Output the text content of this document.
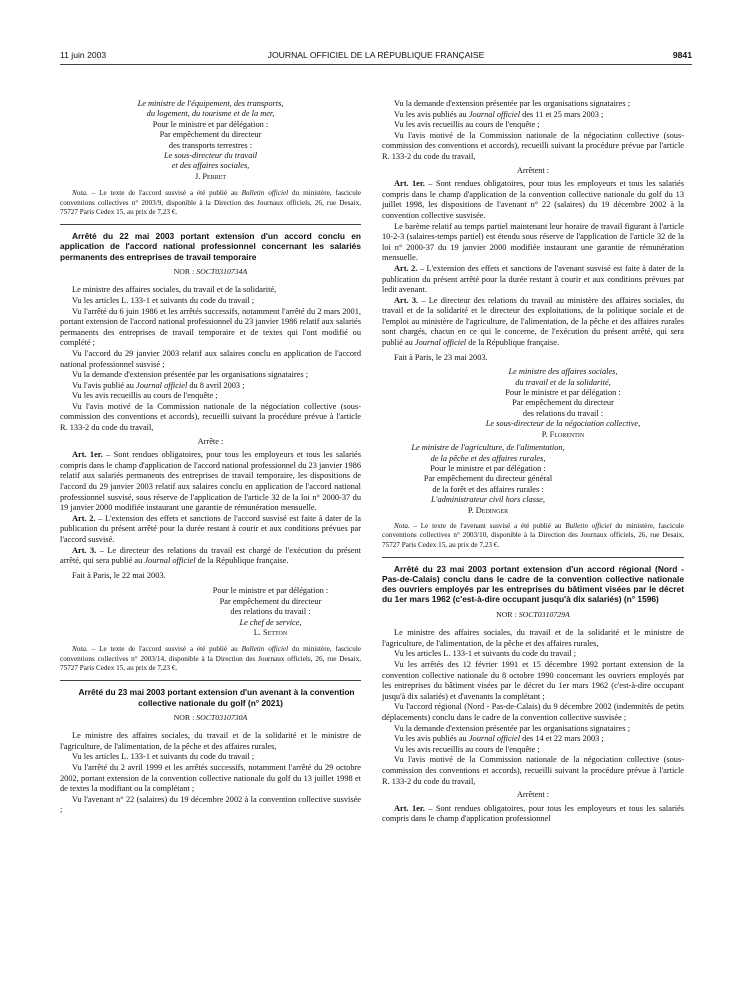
11 juin 2003	JOURNAL OFFICIEL DE LA RÉPUBLIQUE FRANÇAISE	9841
Le ministre de l'équipement, des transports,
du logement, du tourisme et de la mer,
Pour le ministre et par délégation :
Par empêchement du directeur
des transports terrestres :
Le sous-directeur du travail
et des affaires sociales,
J. Perret

Nota. – Le texte de l'accord susvisé a été publié au Bulletin officiel du ministère, fascicule conventions collectives n° 2003/9, disponible à la Direction des Journaux officiels, 26, rue Desaix, 75727 Paris Cedex 15, au prix de 7,23 €.

Arrêté du 22 mai 2003 portant extension d'un accord conclu en application de l'accord national professionnel concernant les salariés permanents des entreprises de travail temporaire

NOR : SOCT0310734A

Le ministre des affaires sociales, du travail et de la solidarité,

Vu les articles L. 133-1 et suivants du code du travail ;

Vu l'arrêté du 6 juin 1986 et les arrêtés successifs, notamment l'arrêté du 2 mars 2001, portant extension de l'accord national professionnel du 23 janvier 1986 relatif aux salariés permanents des entreprises de travail temporaire et de textes qui l'ont modifié ou complété ;

Vu l'accord du 29 janvier 2003 relatif aux salaires conclu en application de l'accord national professionnel susvisé ;

Vu la demande d'extension présentée par les organisations signataires ;

Vu l'avis publié au Journal officiel du 8 avril 2003 ;

Vu les avis recueillis au cours de l'enquête ;

Vu l'avis motivé de la Commission nationale de la négociation collective (sous-commission des conventions et accords), recueilli suivant la procédure prévue à l'article R. 133-2 du code du travail,

Arrête :

Art. 1er. – Sont rendues obligatoires, pour tous les employeurs et tous les salariés compris dans le champ d'application de l'accord national professionnel du 23 janvier 1986 relatif aux salariés permanents des entreprises de travail temporaire, les dispositions de l'accord du 29 janvier 2003 relatif aux salaires conclu en application de l'accord national professionnel susvisé, sous réserve de l'application de l'article 32 de la loi n° 2000-37 du 19 janvier 2000 modifiée instaurant une garantie de rémunération mensuelle.

Art. 2. – L'extension des effets et sanctions de l'accord susvisé est faite à dater de la publication du présent arrêté pour la durée restant à courir et aux conditions prévues par l'accord susvisé.

Art. 3. – Le directeur des relations du travail est chargé de l'exécution du présent arrêté, qui sera publié au Journal officiel de la République française.

Fait à Paris, le 22 mai 2003.

Pour le ministre et par délégation :
Par empêchement du directeur
des relations du travail :
Le chef de service,
L. Setton

Nota. – Le texte de l'accord susvisé a été publié au Bulletin officiel du ministère, fascicule conventions collectives n° 2003/14, disponible à la Direction des Journaux officiels, 26, rue Desaix, 75727 Paris Cedex 15, au prix de 7,23 €.

Arrêté du 23 mai 2003 portant extension d'un avenant à la convention collective nationale du golf (n° 2021)

NOR : SOCT0310730A

Le ministre des affaires sociales, du travail et de la solidarité et le ministre de l'agriculture, de l'alimentation, de la pêche et des affaires rurales,

Vu les articles L. 133-1 et suivants du code du travail ;

Vu l'arrêté du 2 avril 1999 et les arrêtés successifs, notamment l'arrêté du 29 octobre 2002, portant extension de la convention collective nationale du golf du 13 juillet 1998 et de textes la modifiant ou la complétant ;

Vu l'avenant n° 22 (salaires) du 19 décembre 2002 à la convention collective susvisée ;

Vu la demande d'extension présentée par les organisations signataires ;

Vu les avis publiés au Journal officiel des 11 et 25 mars 2003 ;

Vu les avis recueillis au cours de l'enquête ;

Vu l'avis motivé de la Commission nationale de la négociation collective (sous-commission des conventions et accords), recueilli suivant la procédure prévue par l'article R. 133-2 du code du travail,

Arrêtent :

Art. 1er. – Sont rendues obligatoires, pour tous les employeurs et tous les salariés compris dans le champ d'application de la convention collective nationale du golf du 13 juillet 1998, les dispositions de l'avenant n° 22 (salaires) du 19 décembre 2002 à la convention collective susvisée.

Le barème relatif au temps partiel maintenant leur horaire de travail figurant à l'article 10-2-3 (salaires-temps partiel) est étendu sous réserve de l'application de l'article 32 de la loi n° 2000-37 du 19 janvier 2000 modifiée instaurant une garantie de rémunération mensuelle.

Art. 2. – L'extension des effets et sanctions de l'avenant susvisé est faite à dater de la publication du présent arrêté pour la durée restant à courir et aux conditions prévues par ledit avenant.

Art. 3. – Le directeur des relations du travail au ministère des affaires sociales, du travail et de la solidarité et le directeur des exploitations, de la politique sociale et de l'emploi au ministère de l'agriculture, de l'alimentation, de la pêche et des affaires rurales sont chargés, chacun en ce qui le concerne, de l'exécution du présent arrêté, qui sera publié au Journal officiel de la République française.

Fait à Paris, le 23 mai 2003.

Le ministre des affaires sociales,
du travail et de la solidarité,
Pour le ministre et par délégation :
Par empêchement du directeur
des relations du travail :
Le sous-directeur de la négociation collective,
P. Florentin
Le ministre de l'agriculture, de l'alimentation,
de la pêche et des affaires rurales,
Pour le ministre et par délégation :
Par empêchement du directeur général
de la forêt et des affaires rurales :
L'administrateur civil hors classe,
P. Dedinger

Nota. – Le texte de l'avenant susvisé a été publié au Bulletin officiel du ministère, fascicule conventions collectives n° 2003/10, disponible à la Direction des Journaux officiels, 26, rue Desaix, 75727 Paris Cedex 15, au prix de 7,23 €.

Arrêté du 23 mai 2003 portant extension d'un accord régional (Nord - Pas-de-Calais) conclu dans le cadre de la convention collective nationale des ouvriers employés par les entreprises du bâtiment visées par le décret du 1er mars 1962 (c'est-à-dire occupant jusqu'à dix salariés) (n° 1596)

NOR : SOCT0310729A

Le ministre des affaires sociales, du travail et de la solidarité et le ministre de l'agriculture, de l'alimentation, de la pêche et des affaires rurales,

Vu les articles L. 133-1 et suivants du code du travail ;

Vu les arrêtés des 12 février 1991 et 15 décembre 1992 portant extension de la convention collective nationale du 8 octobre 1990 concernant les ouvriers employés par les entreprises du bâtiment visées par le décret du 1er mars 1962 (c'est-à-dire occupant jusqu'à dix salariés) et d'avenants la complétant ;

Vu l'accord régional (Nord - Pas-de-Calais) du 9 décembre 2002 (indemnités de petits déplacements) conclu dans le cadre de la convention collective susvisée ;

Vu la demande d'extension présentée par les organisations signataires ;

Vu les avis publiés au Journal officiel des 14 et 22 mars 2003 ;

Vu les avis recueillis au cours de l'enquête ;

Vu l'avis motivé de la Commission nationale de la négociation collective (sous-commission des conventions et accords), recueilli suivant la procédure prévue à l'article R. 133-2 du code du travail,

Arrêtent :

Art. 1er. – Sont rendues obligatoires, pour tous les employeurs et tous les salariés compris dans le champ d'application professionnel
